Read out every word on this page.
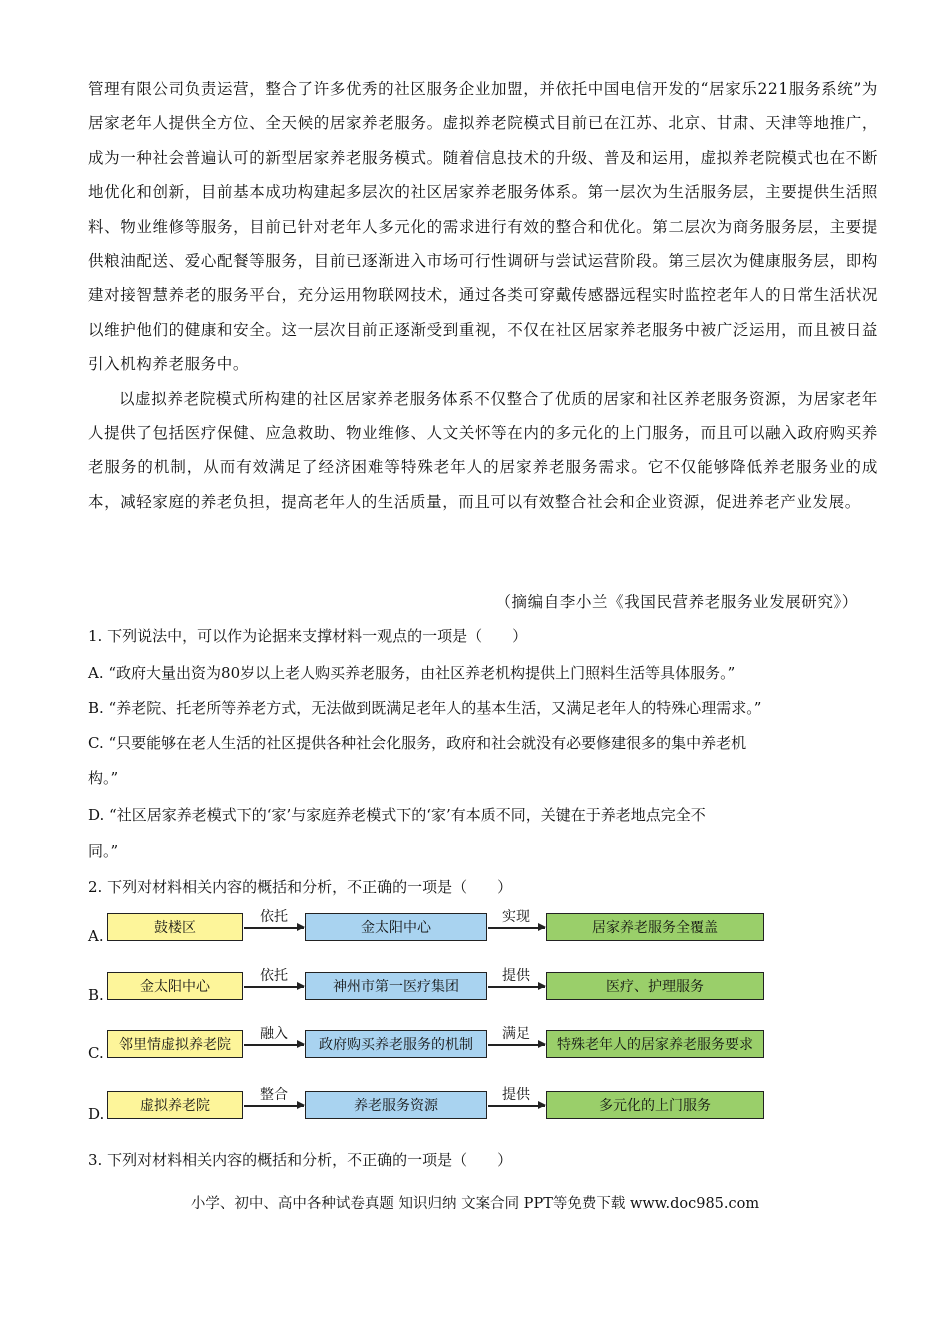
管理有限公司负责运营，整合了许多优秀的社区服务企业加盟，并依托中国电信开发的“居家乐221服务系统”为居家老年人提供全方位、全天候的居家养老服务。虚拟养老院模式目前已在江苏、北京、甘肃、天津等地推广， 成为一种社会普遍认可的新型居家养老服务模式。随着信息技术的升级、普及和运用，虚拟养老院模式也在不断地优化和创新，目前基本成功构建起多层次的社区居家养老服务体系。第一层次为生活服务层，主要提供生活照料、物业维修等服务，目前已针对老年人多元化的需求进行有效的整合和优化。第二层次为商务服务层，主要提供粮油配送、爱心配餐等服务，目前已逐渐进入市场可行性调研与尝试运营阶段。第三层次为健康服务层，即构建对接智慧养老的服务平台，充分运用物联网技术，通过各类可穿戴传感器远程实时监控老年人的日常生活状况以维护他们的健康和安全。这一层次目前正逐渐受到重视，不仅在社区居家养老服务中被广泛运用，而且被日益引入机构养老服务中。

以虚拟养老院模式所构建的社区居家养老服务体系不仅整合了优质的居家和社区养老服务资源，为居家老年人提供了包括医疗保健、应急救助、物业维修、人文关怀等在内的多元化的上门服务，而且可以融入政府购买养老服务的机制，从而有效满足了经济困难等特殊老年人的居家养老服务需求。它不仅能够降低养老服务业的成本，减轻家庭的养老负担，提高老年人的生活质量，而且可以有效整合社会和企业资源，促进养老产业发展。

（摘编自李小兰《我国民营养老服务业发展研究》）
1. 下列说法中，可以作为论据来支撑材料一观点的一项是（　　）
A. “政府大量出资为80岁以上老人购买养老服务，由社区养老机构提供上门照料生活等具体服务。”
B. “养老院、托老所等养老方式，无法做到既满足老年人的基本生活，又满足老年人的特殊心理需求。”
C. “只要能够在老人生活的社区提供各种社会化服务，政府和社会就没有必要修建很多的集中养老机
构。”
D. “社区居家养老模式下的‘家’与家庭养老模式下的‘家’有本质不同，关键在于养老地点完全不
同。”
2. 下列对材料相关内容的概括和分析，不正确的一项是（　　）
A.	鼓楼区
依托
金太阳中心
实现
居家养老服务全覆盖
B.	金太阳中心
依托
神州市第一医疗集团
提供
医疗、护理服务
C.	邻里情虚拟养老院
融入
政府购买养老服务的机制
满足
特殊老年人的居家养老服务要求
D.	虚拟养老院
整合
养老服务资源
提供
多元化的上门服务
3. 下列对材料相关内容的概括和分析，不正确的一项是（　　）
小学、初中、高中各种试卷真题 知识归纳 文案合同 PPT等免费下载 www.doc985.com
